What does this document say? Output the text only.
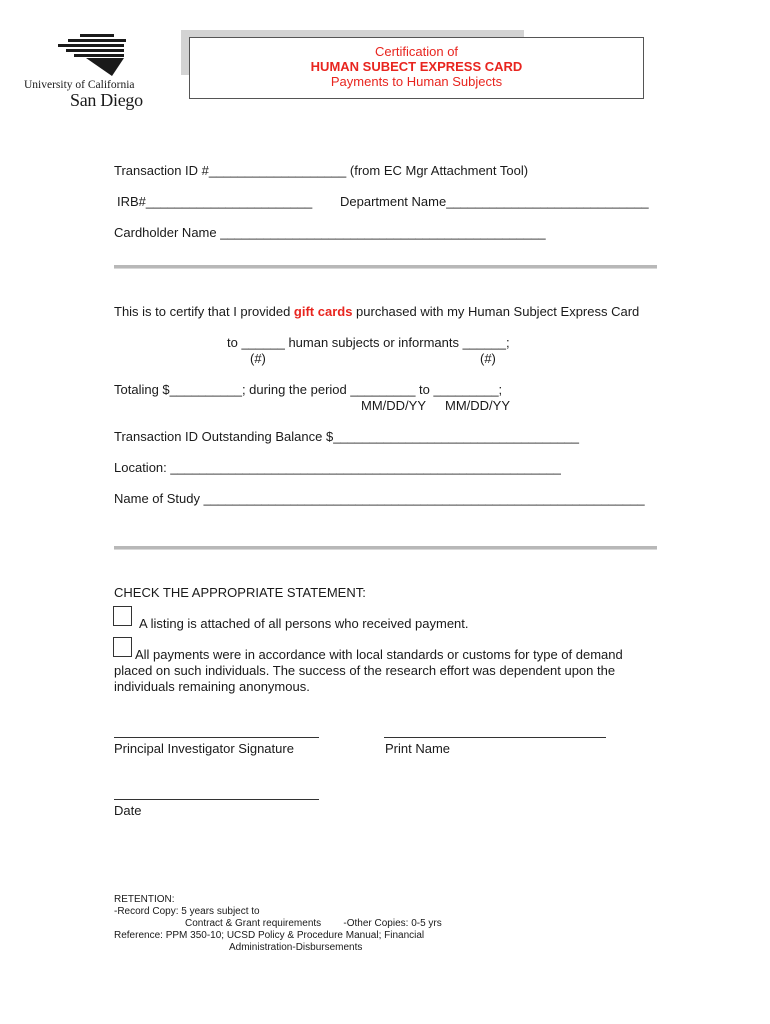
University of California
San Diego
Certification of
HUMAN SUBECT EXPRESS CARD
Payments to Human Subjects
Transaction ID #___________________ (from EC Mgr Attachment Tool)
IRB#_______________________ Department Name____________________________
Cardholder Name _____________________________________________
This is to certify that I provided gift cards purchased with my Human Subject Express Card
to ______ human subjects or informants ______;
(#)	(#)
Totaling $__________; during the period _________ to _________;
MM/DD/YY MM/DD/YY
Transaction ID Outstanding Balance $__________________________________
Location: ______________________________________________________
Name of Study _____________________________________________________________
CHECK THE APPROPRIATE STATEMENT:
A listing is attached of all persons who received payment.
All payments were in accordance with local standards or customs for type of demand
placed on such individuals. The success of the research effort was dependent upon the
individuals remaining anonymous.
Principal Investigator Signature	Print Name
Date
RETENTION:
-Record Copy: 5 years subject to
Contract & Grant requirements        -Other Copies: 0-5 yrs
Reference: PPM 350-10; UCSD Policy & Procedure Manual; Financial
Administration-Disbursements
